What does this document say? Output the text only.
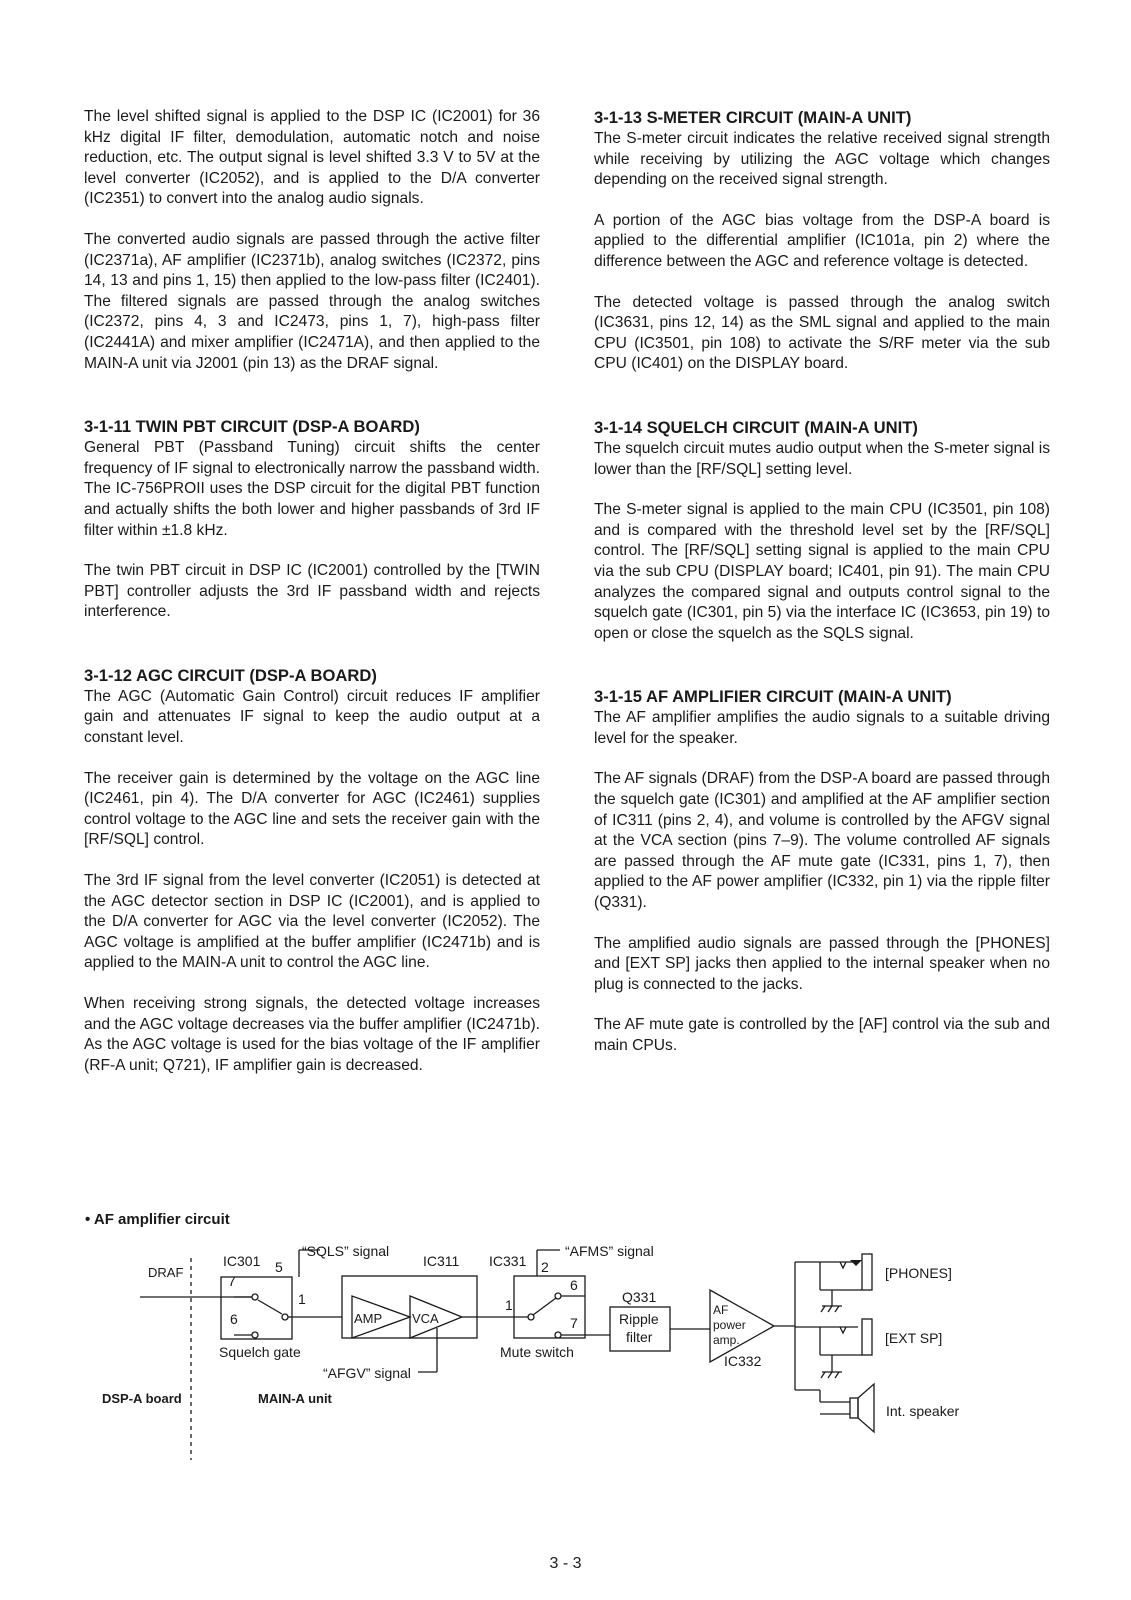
The level shifted signal is applied to the DSP IC (IC2001) for 36 kHz digital IF filter, demodulation, automatic notch and noise reduction, etc. The output signal is level shifted 3.3 V to 5V at the level converter (IC2052), and is applied to the D/A converter (IC2351) to convert into the analog audio signals.

The converted audio signals are passed through the active filter (IC2371a), AF amplifier (IC2371b), analog switches (IC2372, pins 14, 13 and pins 1, 15) then applied to the low-pass filter (IC2401). The filtered signals are passed through the analog switches (IC2372, pins 4, 3 and IC2473, pins 1, 7), high-pass filter (IC2441A) and mixer amplifier (IC2471A), and then applied to the MAIN-A unit via J2001 (pin 13) as the DRAF signal.

3-1-11 TWIN PBT CIRCUIT (DSP-A BOARD)

General PBT (Passband Tuning) circuit shifts the center frequency of IF signal to electronically narrow the passband width. The IC-756PROII uses the DSP circuit for the digital PBT function and actually shifts the both lower and higher passbands of 3rd IF filter within ±1.8 kHz.

The twin PBT circuit in DSP IC (IC2001) controlled by the [TWIN PBT] controller adjusts the 3rd IF passband width and rejects interference.

3-1-12 AGC CIRCUIT (DSP-A BOARD)

The AGC (Automatic Gain Control) circuit reduces IF amplifier gain and attenuates IF signal to keep the audio output at a constant level.

The receiver gain is determined by the voltage on the AGC line (IC2461, pin 4). The D/A converter for AGC (IC2461) supplies control voltage to the AGC line and sets the receiver gain with the [RF/SQL] control.

The 3rd IF signal from the level converter (IC2051) is detected at the AGC detector section in DSP IC (IC2001), and is applied to the D/A converter for AGC via the level converter (IC2052). The AGC voltage is amplified at the buffer amplifier (IC2471b) and is applied to the MAIN-A unit to control the AGC line.

When receiving strong signals, the detected voltage increases and the AGC voltage decreases via the buffer amplifier (IC2471b). As the AGC voltage is used for the bias voltage of the IF amplifier (RF-A unit; Q721), IF amplifier gain is decreased.

3-1-13 S-METER CIRCUIT (MAIN-A UNIT)

The S-meter circuit indicates the relative received signal strength while receiving by utilizing the AGC voltage which changes depending on the received signal strength.

A portion of the AGC bias voltage from the DSP-A board is applied to the differential amplifier (IC101a, pin 2) where the difference between the AGC and reference voltage is detected.

The detected voltage is passed through the analog switch (IC3631, pins 12, 14) as the SML signal and applied to the main CPU (IC3501, pin 108) to activate the S/RF meter via the sub CPU (IC401) on the DISPLAY board.

3-1-14 SQUELCH CIRCUIT (MAIN-A UNIT)

The squelch circuit mutes audio output when the S-meter signal is lower than the [RF/SQL] setting level.

The S-meter signal is applied to the main CPU (IC3501, pin 108) and is compared with the threshold level set by the [RF/SQL] control. The [RF/SQL] setting signal is applied to the main CPU via the sub CPU (DISPLAY board; IC401, pin 91). The main CPU analyzes the compared signal and outputs control signal to the squelch gate (IC301, pin 5) via the interface IC (IC3653, pin 19) to open or close the squelch as the SQLS signal.

3-1-15 AF AMPLIFIER CIRCUIT (MAIN-A UNIT)

The AF amplifier amplifies the audio signals to a suitable driving level for the speaker.

The AF signals (DRAF) from the DSP-A board are passed through the squelch gate (IC301) and amplified at the AF amplifier section of IC311 (pins 2, 4), and volume is controlled by the AFGV signal at the VCA section (pins 7–9). The volume controlled AF signals are passed through the AF mute gate (IC331, pins 1, 7), then applied to the AF power amplifier (IC332, pin 1) via the ripple filter (Q331).

The amplified audio signals are passed through the [PHONES] and [EXT SP] jacks then applied to the internal speaker when no plug is connected to the jacks.

The AF mute gate is controlled by the [AF] control via the sub and main CPUs.

• AF amplifier circuit
DRAF
IC301
7
5
1
6
“SQLS” signal
Squelch gate
IC311
AMP VCA
“AFGV” signal
IC331
“AFMS” signal
2
6
1
7
Mute switch
Q331
Ripple
filter
AF
power
amp.
IC332
[PHONES]
[EXT SP]
Int. speaker
DSP-A board	MAIN-A unit
3 - 3
